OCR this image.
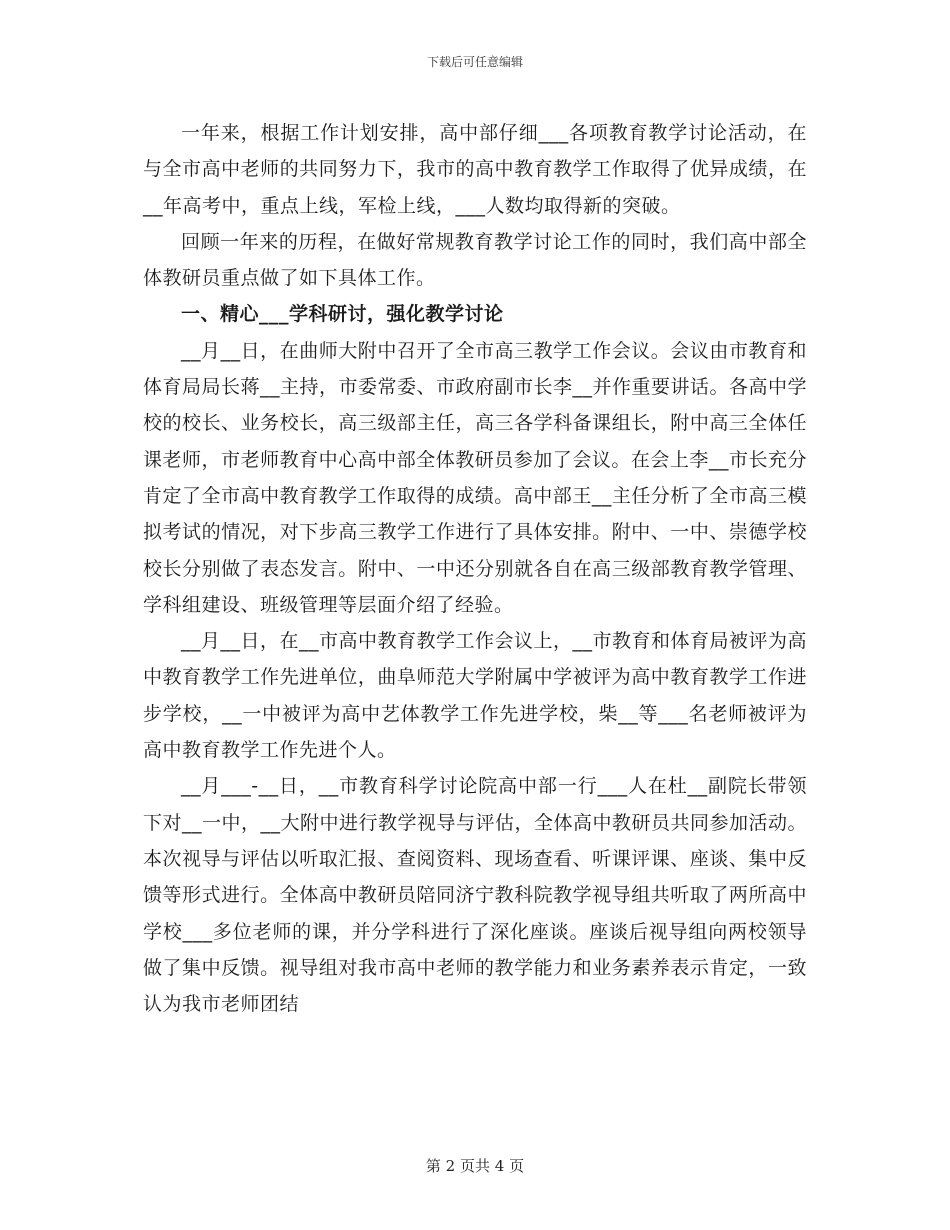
下载后可任意编辑

一年来，根据工作计划安排，高中部仔细___各项教育教学讨论活动，在与全市高中老师的共同努力下，我市的高中教育教学工作取得了优异成绩，在__年高考中，重点上线，军检上线，___人数均取得新的突破。

回顾一年来的历程，在做好常规教育教学讨论工作的同时，我们高中部全体教研员重点做了如下具体工作。

一、精心___学科研讨，强化教学讨论

__月__日，在曲师大附中召开了全市高三教学工作会议。会议由市教育和体育局局长蒋__主持，市委常委、市政府副市长李__并作重要讲话。各高中学校的校长、业务校长，高三级部主任，高三各学科备课组长，附中高三全体任课老师，市老师教育中心高中部全体教研员参加了会议。在会上李__市长充分肯定了全市高中教育教学工作取得的成绩。高中部王__主任分析了全市高三模拟考试的情况，对下步高三教学工作进行了具体安排。附中、一中、崇德学校校长分别做了表态发言。附中、一中还分别就各自在高三级部教育教学管理、学科组建设、班级管理等层面介绍了经验。

__月__日，在__市高中教育教学工作会议上，__市教育和体育局被评为高中教育教学工作先进单位，曲阜师范大学附属中学被评为高中教育教学工作进步学校，__一中被评为高中艺体教学工作先进学校，柴__等___名老师被评为高中教育教学工作先进个人。

__月___-__日，__市教育科学讨论院高中部一行___人在杜__副院长带领下对__一中，__大附中进行教学视导与评估，全体高中教研员共同参加活动。本次视导与评估以听取汇报、查阅资料、现场查看、听课评课、座谈、集中反馈等形式进行。全体高中教研员陪同济宁教科院教学视导组共听取了两所高中学校___多位老师的课，并分学科进行了深化座谈。座谈后视导组向两校领导做了集中反馈。视导组对我市高中老师的教学能力和业务素养表示肯定，一致认为我市老师团结

第 2 页共 4 页
